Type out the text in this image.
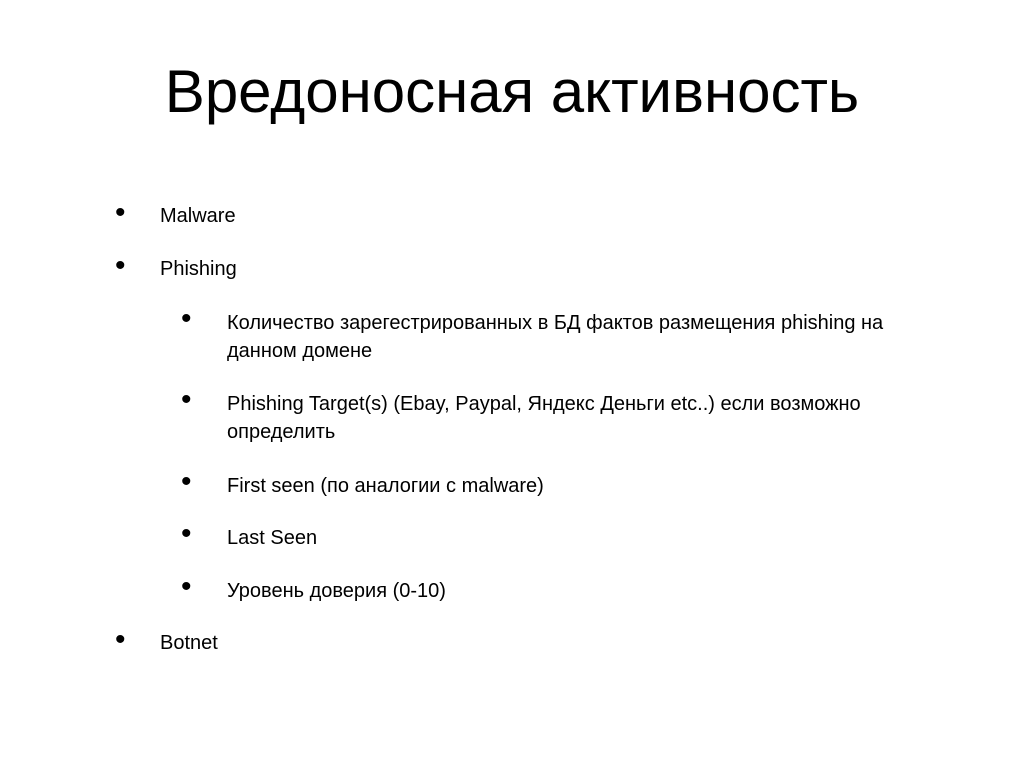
Вредоносная активность
• Malware
• Phishing
• Количество зарегестрированных в БД фактов размещения phishing на данном домене
• Phishing Target(s) (Ebay, Paypal, Яндекс Деньги etc..) если возможно определить
• First seen (по аналогии с malware)
• Last Seen
• Уровень доверия (0-10)
• Botnet
